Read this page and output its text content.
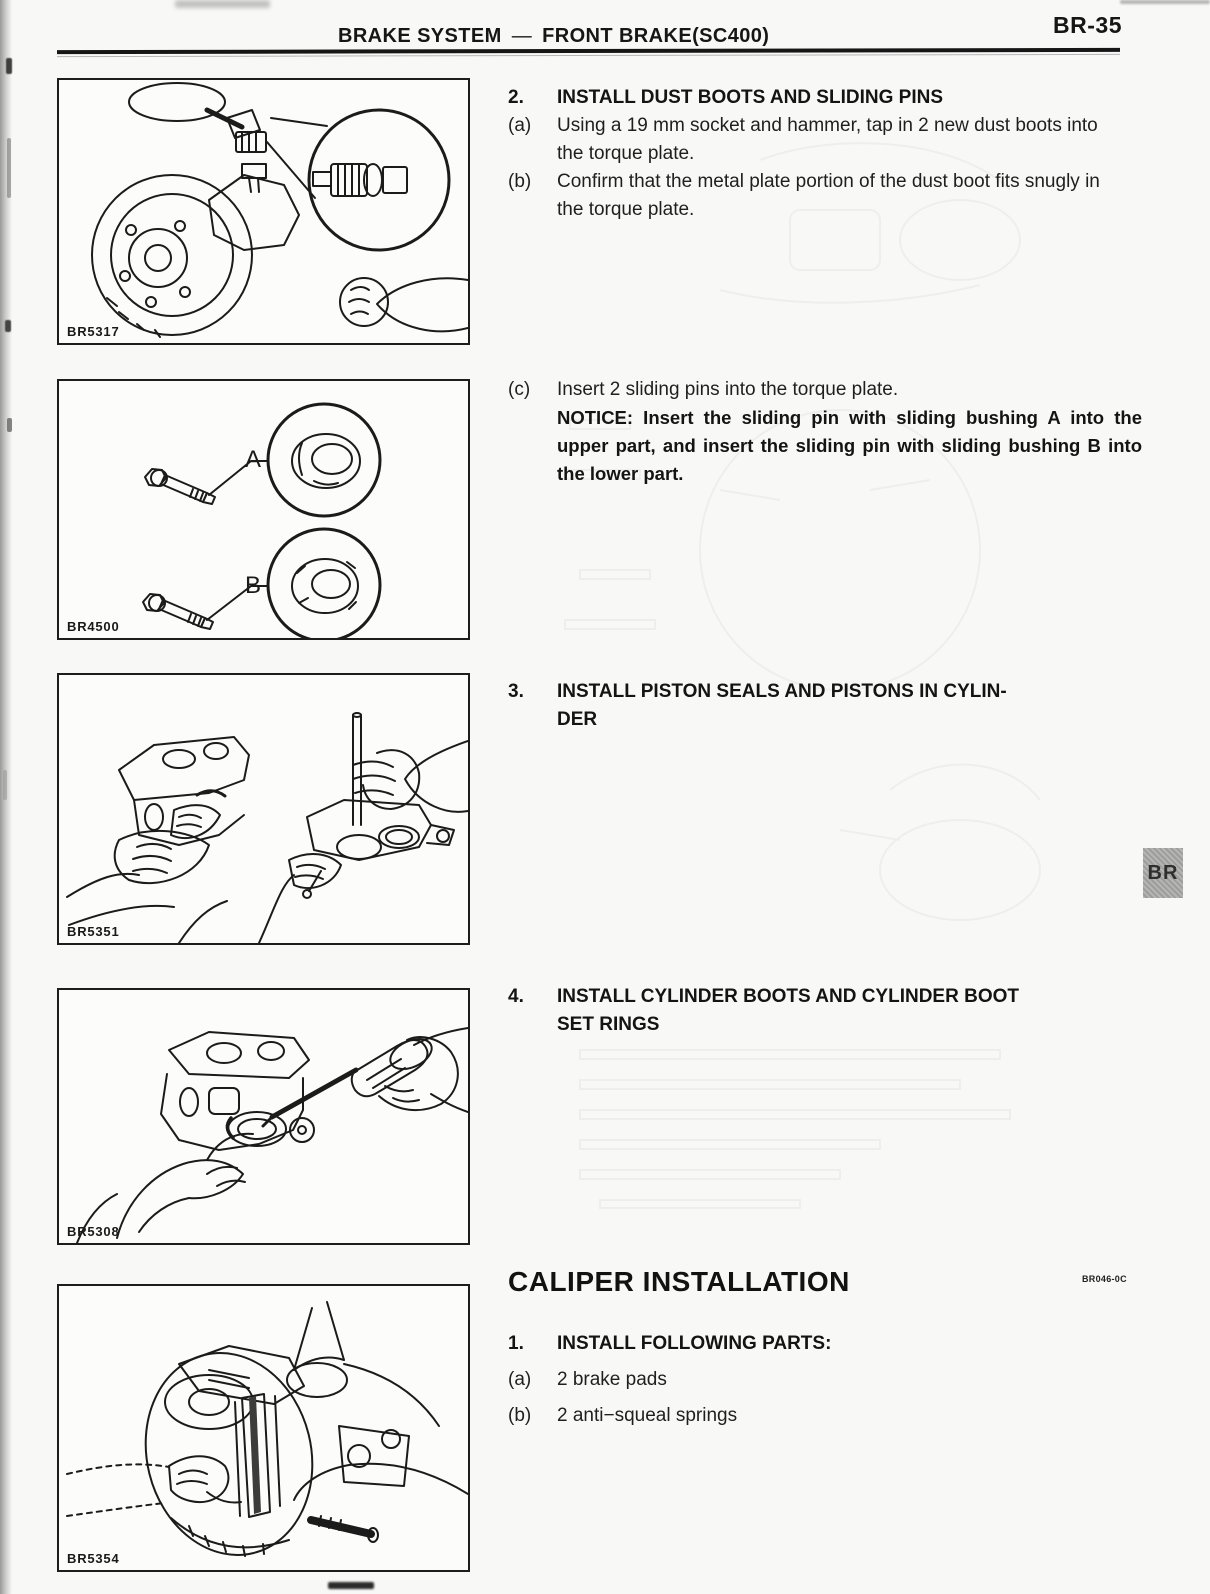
BR-35
BRAKE SYSTEM — FRONT BRAKE(SC400)
BR
BR5317
A
B
BR4500
BR5351
BR5308
BR5354
2.	INSTALL DUST BOOTS AND SLIDING PINS
(a)	Using a 19 mm socket and hammer, tap in 2 new dust boots into the torque plate.
(b)	Confirm that the metal plate portion of the dust boot fits snugly in the torque plate.
(c)	Insert 2 sliding pins into the torque plate.
NOTICE: Insert the sliding pin with sliding bushing A into the upper part, and insert the sliding pin with sliding bushing B into the lower part.
3.	INSTALL PISTON SEALS AND PISTONS IN CYLIN-
DER
4.	INSTALL CYLINDER BOOTS AND CYLINDER BOOT
SET RINGS
CALIPER INSTALLATION	BR046-0C
1.	INSTALL FOLLOWING PARTS:
(a)	2 brake pads
(b)	2 anti−squeal springs
